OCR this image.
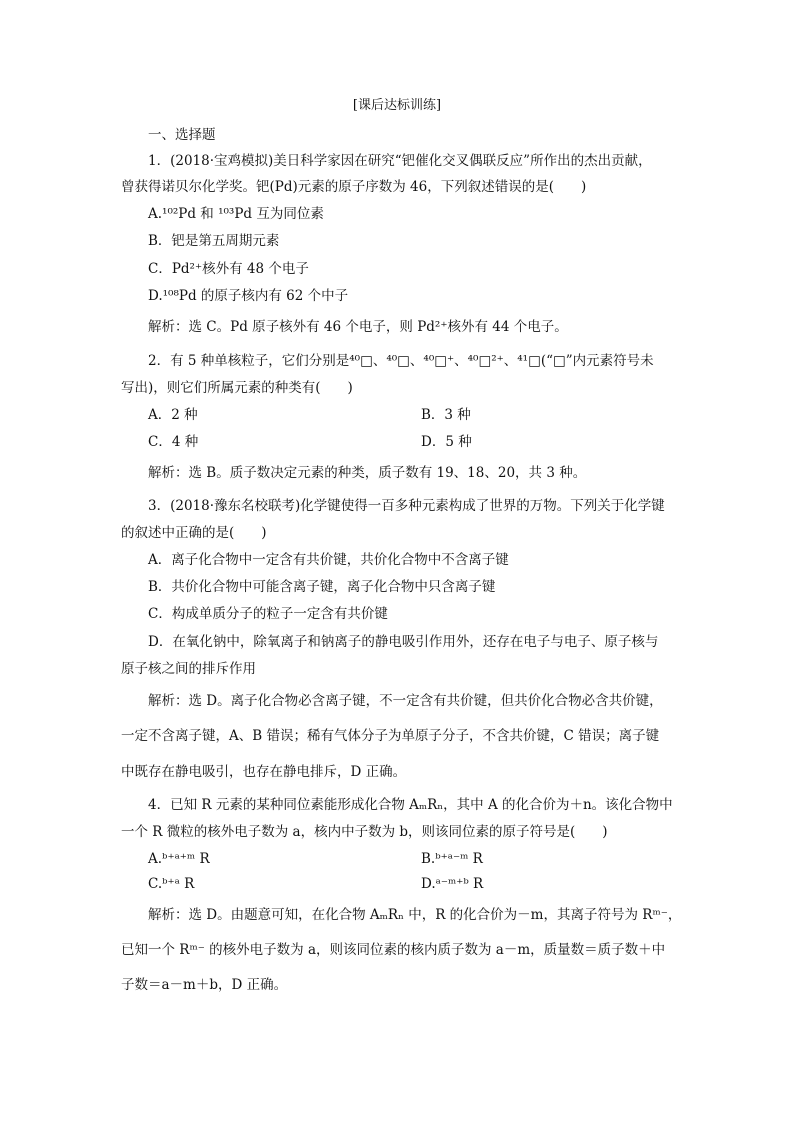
[课后达标训练]
一、选择题
1．(2018·宝鸡模拟)美日科学家因在研究“钯催化交叉偶联反应”所作出的杰出贡献，
曾获得诺贝尔化学奖。钯(Pd)元素的原子序数为 46，下列叙述错误的是(　　)
A.¹⁰²Pd 和 ¹⁰³Pd 互为同位素
B．钯是第五周期元素
C．Pd²⁺核外有 48 个电子
D.¹⁰⁸Pd 的原子核内有 62 个中子
解析：选 C。Pd 原子核外有 46 个电子，则 Pd²⁺核外有 44 个电子。
2．有 5 种单核粒子，它们分别是⁴⁰□、⁴⁰□、⁴⁰□⁺、⁴⁰□²⁺、⁴¹□(“□”内元素符号未
写出)，则它们所属元素的种类有(　　)
A．2 种	B．3 种
C．4 种	D．5 种
解析：选 B。质子数决定元素的种类，质子数有 19、18、20，共 3 种。
3．(2018·豫东名校联考)化学键使得一百多种元素构成了世界的万物。下列关于化学键
的叙述中正确的是(　　)
A．离子化合物中一定含有共价键，共价化合物中不含离子键
B．共价化合物中可能含离子键，离子化合物中只含离子键
C．构成单质分子的粒子一定含有共价键
D．在氧化钠中，除氧离子和钠离子的静电吸引作用外，还存在电子与电子、原子核与
原子核之间的排斥作用
解析：选 D。离子化合物必含离子键，不一定含有共价键，但共价化合物必含共价键，
一定不含离子键，A、B 错误；稀有气体分子为单原子分子，不含共价键，C 错误；离子键
中既存在静电吸引，也存在静电排斥，D 正确。
4．已知 R 元素的某种同位素能形成化合物 AₘRₙ，其中 A 的化合价为＋n。该化合物中
一个 R 微粒的核外电子数为 a，核内中子数为 b，则该同位素的原子符号是(　　)
A.ᵇ⁺ᵃ⁺ᵐ R	B.ᵇ⁺ᵃ⁻ᵐ R
C.ᵇ⁺ᵃ R	D.ᵃ⁻ᵐ⁺ᵇ R
解析：选 D。由题意可知，在化合物 AₘRₙ 中，R 的化合价为－m，其离子符号为 Rᵐ⁻，
已知一个 Rᵐ⁻ 的核外电子数为 a，则该同位素的核内质子数为 a－m，质量数＝质子数＋中
子数＝a－m＋b，D 正确。
